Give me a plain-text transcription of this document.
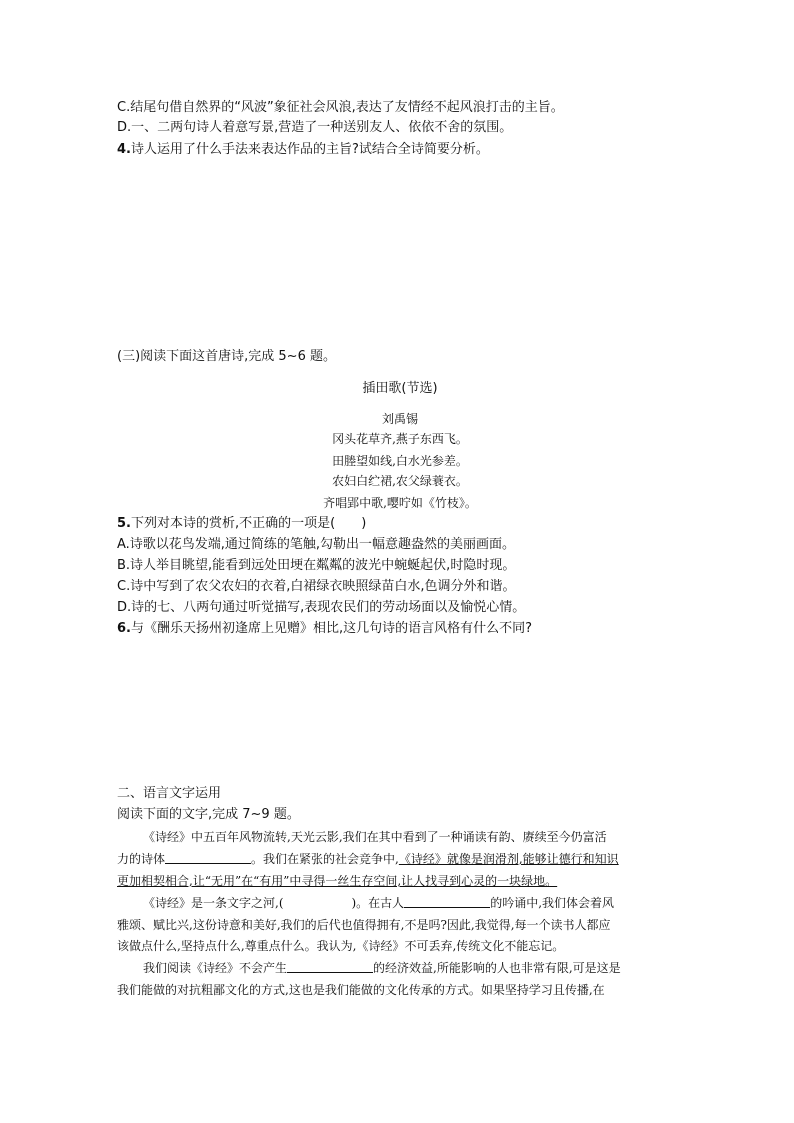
C.结尾句借自然界的“风波”象征社会风浪,表达了友情经不起风浪打击的主旨。
D.一、二两句诗人着意写景,营造了一种送别友人、依依不舍的氛围。
4.诗人运用了什么手法来表达作品的主旨?试结合全诗简要分析。
(三)阅读下面这首唐诗,完成 5~6 题。
插田歌(节选)
刘禹锡
冈头花草齐,燕子东西飞。
田塍望如线,白水光参差。
农妇白纻裙,农父绿蓑衣。
齐唱郢中歌,嘤咛如《竹枝》。
5.下列对本诗的赏析,不正确的一项是(　　)
A.诗歌以花鸟发端,通过简练的笔触,勾勒出一幅意趣盎然的美丽画面。
B.诗人举目眺望,能看到远处田埂在粼粼的波光中蜿蜒起伏,时隐时现。
C.诗中写到了农父农妇的衣着,白裙绿衣映照绿苗白水,色调分外和谐。
D.诗的七、八两句通过听觉描写,表现农民们的劳动场面以及愉悦心情。
6.与《酬乐天扬州初逢席上见赠》相比,这几句诗的语言风格有什么不同?
二、语言文字运用
阅读下面的文字,完成 7~9 题。
《诗经》中五百年风物流转,天光云影,我们在其中看到了一种诵读有韵、赓续至今仍富活
力的诗体	。我们在紧张的社会竞争中,《诗经》就像是润滑剂,能够让德行和知识
更加相契相合,让“无用”在“有用”中寻得一丝生存空间,让人找寻到心灵的一块绿地。
《诗经》是一条文字之河,(	)。在古人	的吟诵中,我们体会着风
雅颂、赋比兴,这份诗意和美好,我们的后代也值得拥有,不是吗?因此,我觉得,每一个读书人都应
该做点什么,坚持点什么,尊重点什么。我认为,《诗经》不可丢弃,传统文化不能忘记。
我们阅读《诗经》不会产生	的经济效益,所能影响的人也非常有限,可是这是
我们能做的对抗粗鄙文化的方式,这也是我们能做的文化传承的方式。如果坚持学习且传播,在
